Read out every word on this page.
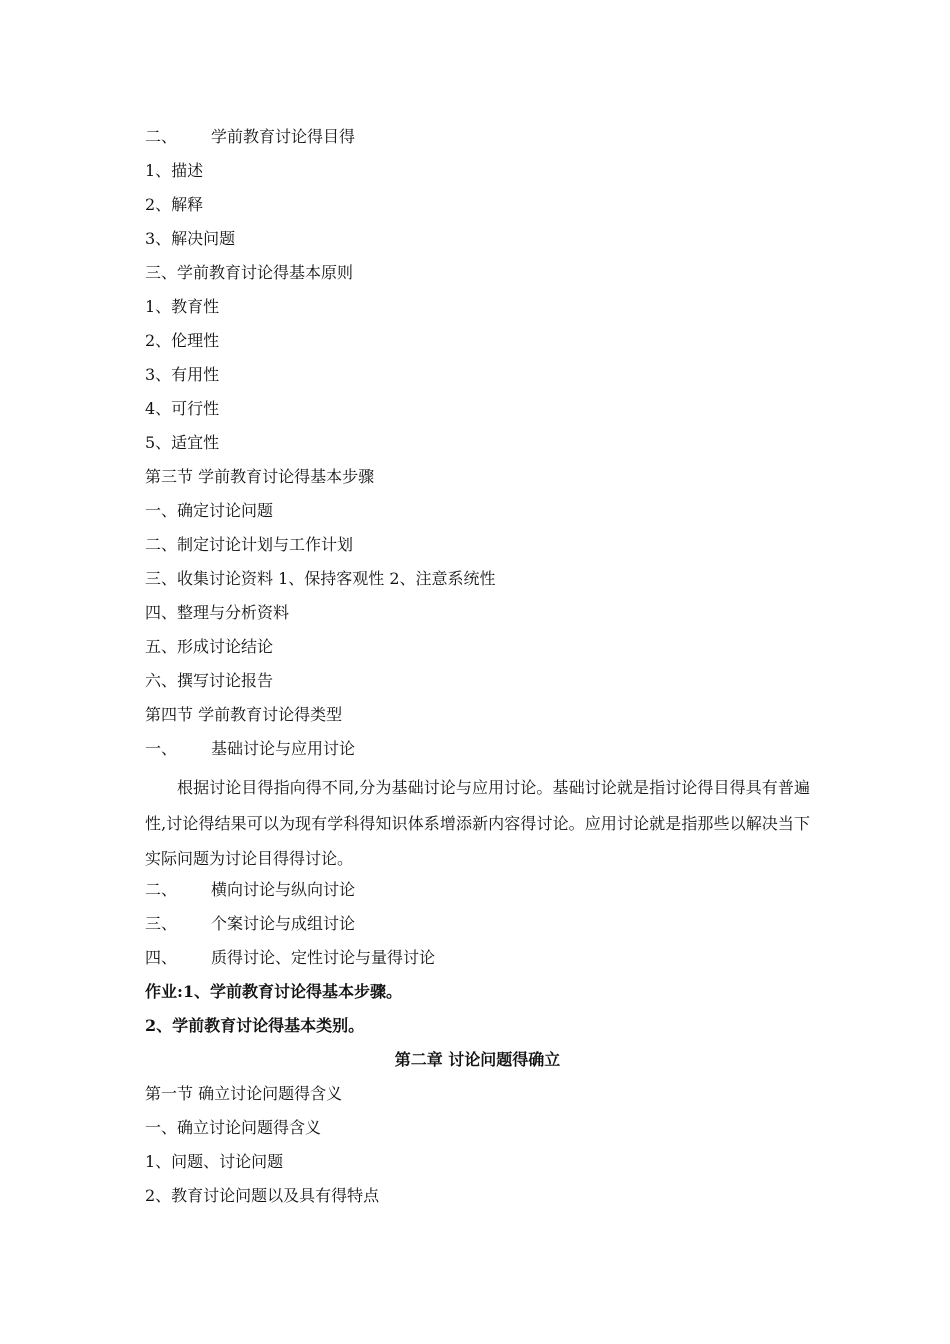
二、 学前教育讨论得目得
1、描述
2、解释
3、解决问题
三、学前教育讨论得基本原则
1、教育性
2、伦理性
3、有用性
4、可行性
5、适宜性
第三节 学前教育讨论得基本步骤
一、确定讨论问题
二、制定讨论计划与工作计划
三、收集讨论资料 1、保持客观性 2、注意系统性
四、整理与分析资料
五、形成讨论结论
六、撰写讨论报告
第四节 学前教育讨论得类型
一、 基础讨论与应用讨论

根据讨论目得指向得不同,分为基础讨论与应用讨论。基础讨论就是指讨论得目得具有普遍性,讨论得结果可以为现有学科得知识体系增添新内容得讨论。应用讨论就是指那些以解决当下实际问题为讨论目得得讨论。

二、 横向讨论与纵向讨论
三、 个案讨论与成组讨论
四、 质得讨论、定性讨论与量得讨论
作业:1、学前教育讨论得基本步骤。
2、学前教育讨论得基本类别。
第二章 讨论问题得确立
第一节 确立讨论问题得含义
一、确立讨论问题得含义
1、问题、讨论问题
2、教育讨论问题以及具有得特点
